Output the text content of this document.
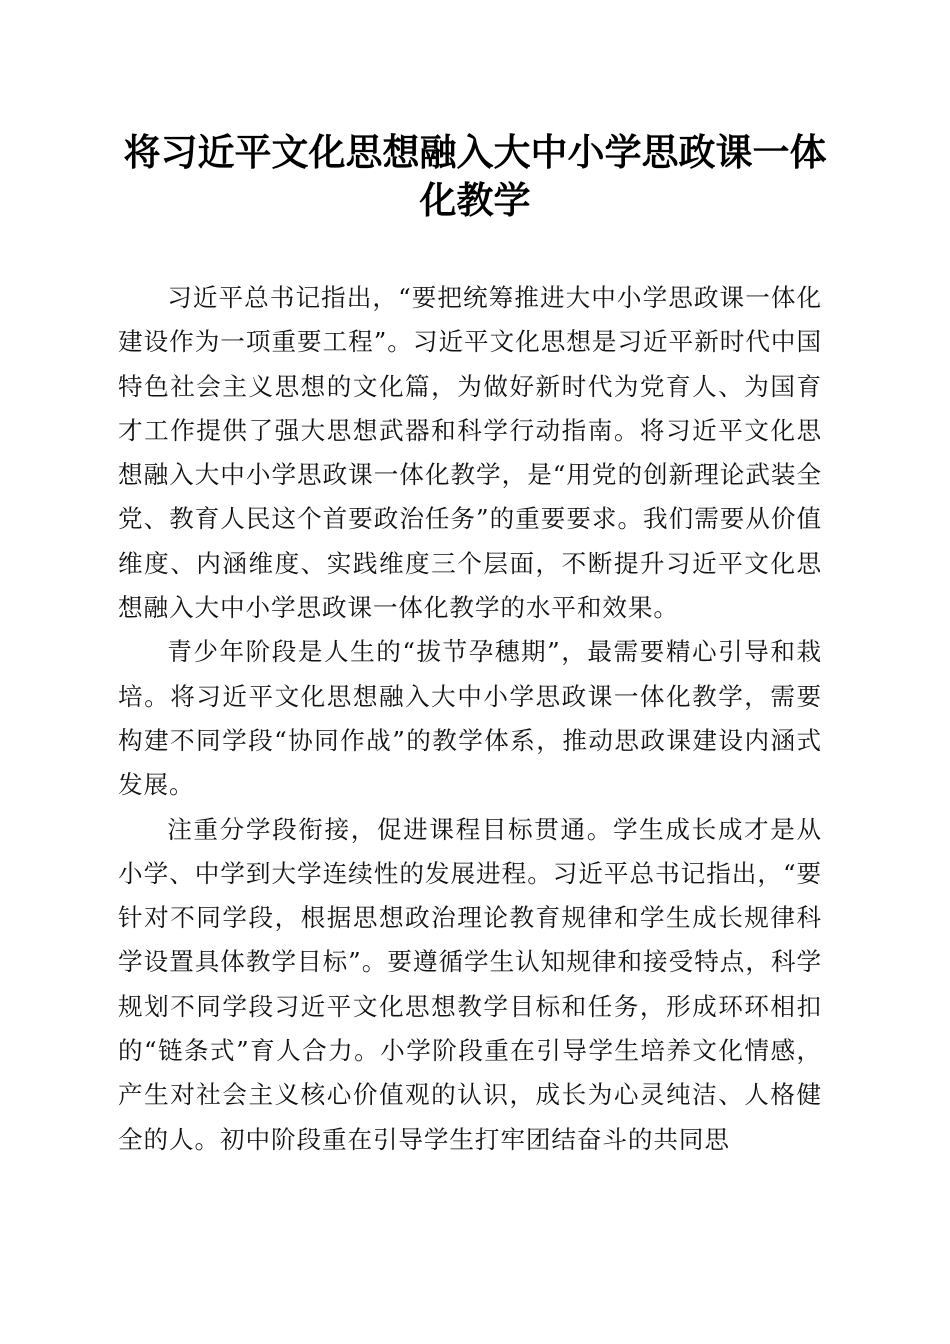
将习近平文化思想融入大中小学思政课一体化教学

习近平总书记指出，“要把统筹推进大中小学思政课一体化建设作为一项重要工程”。习近平文化思想是习近平新时代中国特色社会主义思想的文化篇，为做好新时代为党育人、为国育才工作提供了强大思想武器和科学行动指南。将习近平文化思想融入大中小学思政课一体化教学，是“用党的创新理论武装全党、教育人民这个首要政治任务”的重要要求。我们需要从价值维度、内涵维度、实践维度三个层面，不断提升习近平文化思想融入大中小学思政课一体化教学的水平和效果。

青少年阶段是人生的“拔节孕穗期”，最需要精心引导和栽培。将习近平文化思想融入大中小学思政课一体化教学，需要构建不同学段“协同作战”的教学体系，推动思政课建设内涵式发展。

注重分学段衔接，促进课程目标贯通。学生成长成才是从小学、中学到大学连续性的发展进程。习近平总书记指出，“要针对不同学段，根据思想政治理论教育规律和学生成长规律科学设置具体教学目标”。要遵循学生认知规律和接受特点，科学规划不同学段习近平文化思想教学目标和任务，形成环环相扣的“链条式”育人合力。小学阶段重在引导学生培养文化情感，产生对社会主义核心价值观的认识，成长为心灵纯洁、人格健全的人。初中阶段重在引导学生打牢团结奋斗的共同思
